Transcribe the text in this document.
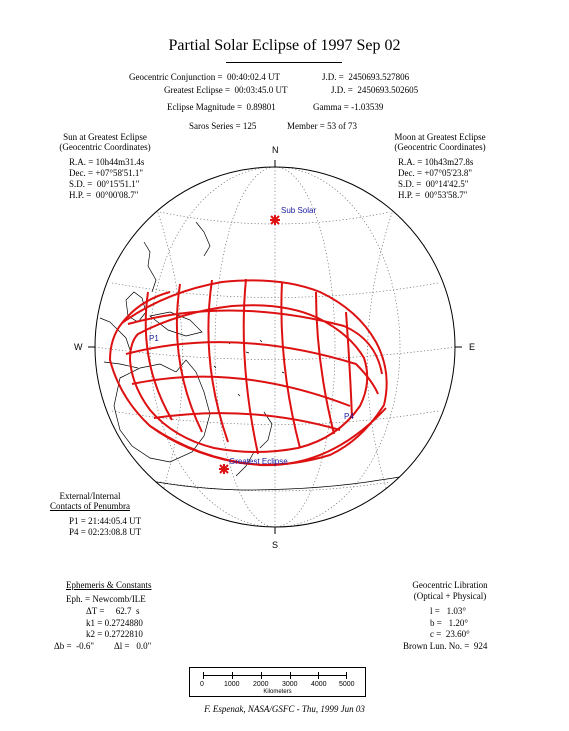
Partial Solar Eclipse of 1997 Sep 02
Geocentric Conjunction =  00:40:02.4 UT	J.D. =  2450693.527806
Greatest Eclipse =  00:03:45.0 UT	J.D. =  2450693.502605
Eclipse Magnitude =  0.89801	Gamma = -1.03539
Saros Series = 125	Member = 53 of 73
Sun at Greatest Eclipse
(Geocentric Coordinates)
R.A. = 10h44m31.4s
Dec. = +07°58'51.1"
S.D. =  00°15'51.1"
H.P. =  00°00'08.7"
Moon at Greatest Eclipse
(Geocentric Coordinates)
R.A. = 10h43m27.8s
Dec. = +07°05'23.8"
S.D. =  00°14'42.5"
H.P. =  00°53'58.7"
N
S
W	E
Sub Solar
P1
P4
Greatest Eclipse
External/Internal
Contacts of Penumbra
P1 = 21:44:05.4 UT
P4 = 02:23:08.8 UT
Ephemeris & Constants
Eph. = Newcomb/ILE
ΔT =     62.7  s
k1 = 0.2724880
k2 = 0.2722810
Δb =  -0.6" Δl =   0.0"
Geocentric Libration
(Optical + Physical)
l =   1.03°
b =   1.20°
c =  23.60°
Brown Lun. No. =  924
0	1000 2000 3000 4000 5000
Kilometers
F. Espenak, NASA/GSFC - Thu, 1999 Jun 03
